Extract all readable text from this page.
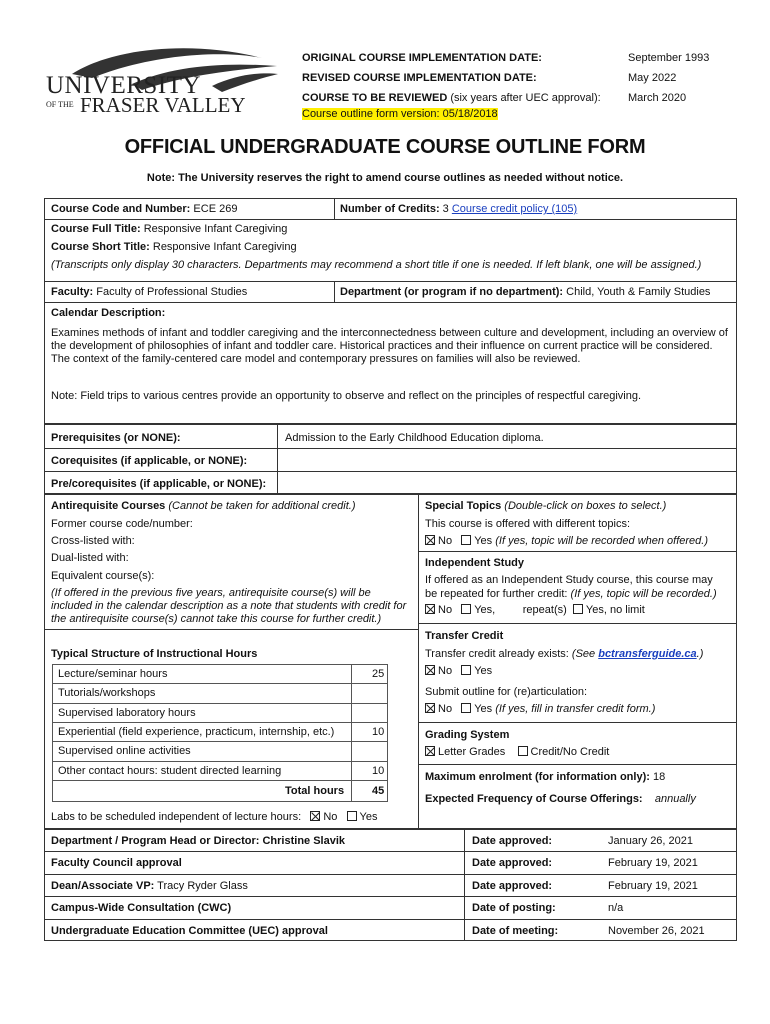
UNIVERSITY
OF THE FRASER VALLEY
ORIGINAL COURSE IMPLEMENTATION DATE:	September 1993
REVISED COURSE IMPLEMENTATION DATE:	May 2022
COURSE TO BE REVIEWED (six years after UEC approval): March 2020
Course outline form version: 05/18/2018
OFFICIAL UNDERGRADUATE COURSE OUTLINE FORM
Note: The University reserves the right to amend course outlines as needed without notice.
Course Code and Number: ECE 269	Number of Credits: 3 Course credit policy (105)
Course Full Title: Responsive Infant Caregiving
Course Short Title: Responsive Infant Caregiving
(Transcripts only display 30 characters. Departments may recommend a short title if one is needed. If left blank, one will be assigned.)
Faculty: Faculty of Professional Studies	Department (or program if no department): Child, Youth & Family Studies
Calendar Description:
Examines methods of infant and toddler caregiving and the interconnectedness between culture and development, including an overview of the development of philosophies of infant and toddler care. Historical practices and their influence on current practice will be considered. The context of the family-centered care model and contemporary pressures on families will also be reviewed.
Note: Field trips to various centres provide an opportunity to observe and reflect on the principles of respectful caregiving.
Prerequisites (or NONE):	Admission to the Early Childhood Education diploma.
Corequisites (if applicable, or NONE):
Pre/corequisites (if applicable, or NONE):
Antirequisite Courses (Cannot be taken for additional credit.)
Former course code/number:
Cross-listed with:
Dual-listed with:
Equivalent course(s):
(If offered in the previous five years, antirequisite course(s) will be included in the calendar description as a note that students with credit for the antirequisite course(s) cannot take this course for further credit.)
Typical Structure of Instructional Hours
Lecture/seminar hours	25
Tutorials/workshops
Supervised laboratory hours
Experiential (field experience, practicum, internship, etc.)	10
Supervised online activities
Other contact hours: student directed learning	10
Total hours	45
Labs to be scheduled independent of lecture hours: No Yes
Special Topics (Double-click on boxes to select.)
This course is offered with different topics:
No Yes (If yes, topic will be recorded when offered.)
Independent Study
If offered as an Independent Study course, this course may
be repeated for further credit: (If yes, topic will be recorded.)
No Yes,	repeat(s) Yes, no limit
Transfer Credit
Transfer credit already exists: (See bctransferguide.ca.)
No Yes
Submit outline for (re)articulation:
No Yes (If yes, fill in transfer credit form.)
Grading System
Letter Grades Credit/No Credit
Maximum enrolment (for information only): 18
Expected Frequency of Course Offerings: annually
Department / Program Head or Director: Christine Slavik	Date approved:	January 26, 2021
Faculty Council approval	Date approved:	February 19, 2021
Dean/Associate VP: Tracy Ryder Glass	Date approved:	February 19, 2021
Campus-Wide Consultation (CWC)	Date of posting:	n/a
Undergraduate Education Committee (UEC) approval	Date of meeting:	November 26, 2021
